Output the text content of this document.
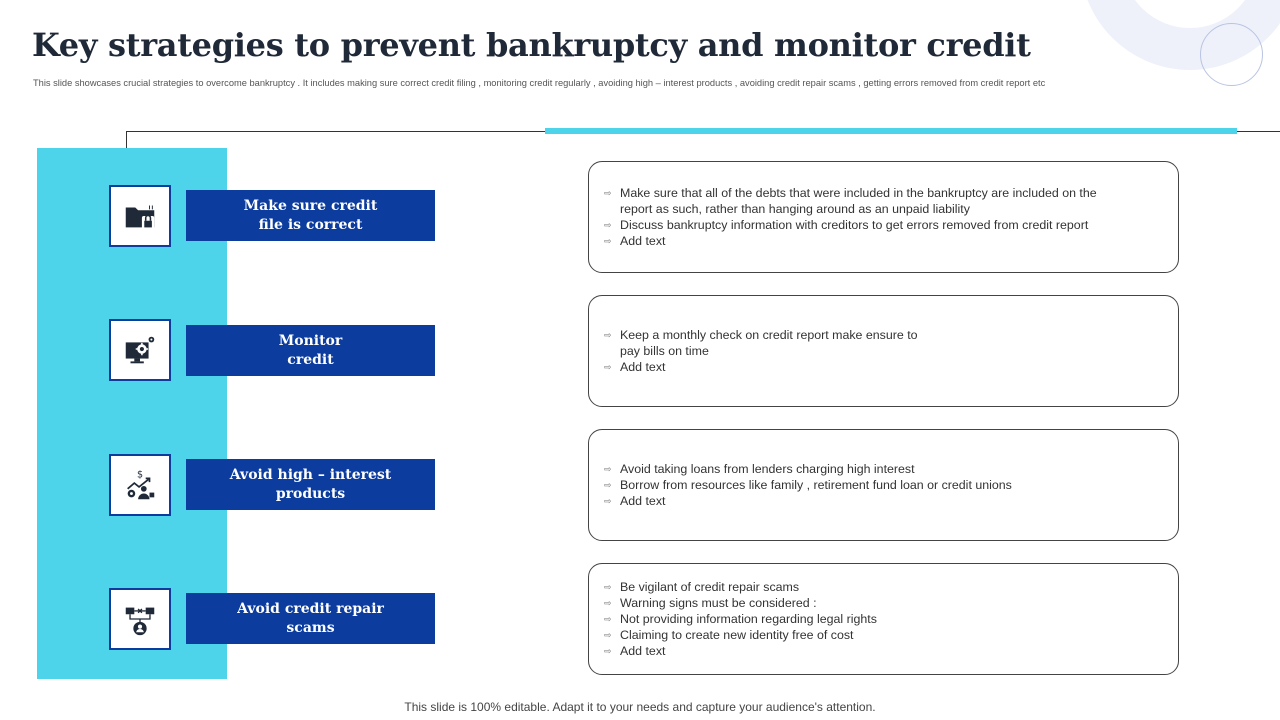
Key strategies to prevent bankruptcy and monitor credit

This slide showcases crucial strategies to overcome bankruptcy . It includes making sure correct credit filing , monitoring credit regularly , avoiding high – interest products , avoiding credit repair scams , getting errors removed from credit report etc

Make sure credit
file is correct
⇨ Make sure that all of the debts that were included in the bankruptcy are included on the report as such, rather than hanging around as an unpaid liability
⇨ Discuss bankruptcy information with creditors to get errors removed from credit report
⇨ Add text
Monitor
credit
⇨ Keep a monthly check on credit report make ensure to pay bills on time
⇨ Add text
$	Avoid high – interest
products
⇨ Avoid taking loans from lenders charging high interest
⇨ Borrow from resources like family , retirement fund loan or credit unions
⇨ Add text
Avoid credit repair
scams
⇨ Be vigilant of credit repair scams
⇨ Warning signs must be considered :
⇨ Not providing information regarding legal rights
⇨ Claiming to create new identity free of cost
⇨ Add text

This slide is 100% editable. Adapt it to your needs and capture your audience's attention.
